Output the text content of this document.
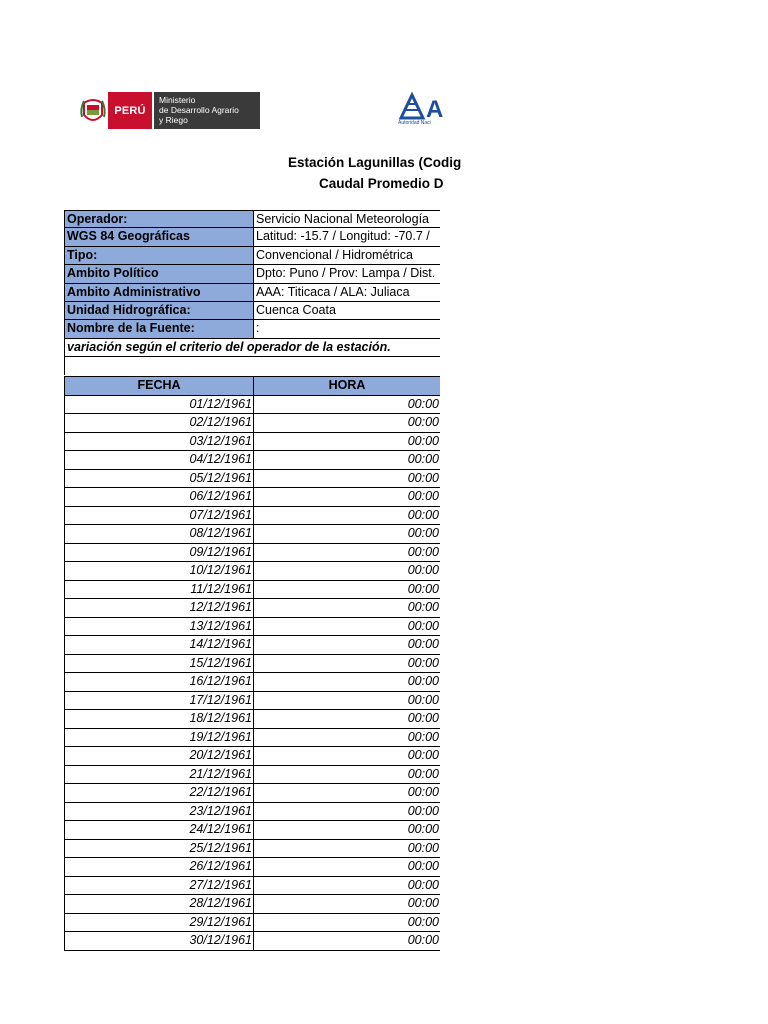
PERÚ
Ministerio
de Desarrollo Agrario
y Riego	A
Autoridad Naci
Estación Lagunillas (Codig
Caudal Promedio D
Operador:	Servicio Nacional Meteorología
WGS 84 Geográficas	Latitud: -15.7 / Longitud: -70.7 /
Tipo:	Convencional / Hidrométrica
Ambito Político	Dpto: Puno / Prov: Lampa / Dist.
Ambito Administrativo	AAA: Titicaca / ALA: Juliaca
Unidad Hidrográfica:	Cuenca Coata
Nombre de la Fuente:	:
variación según el criterio del operador de la estación.
FECHA	HORA
01/12/1961	00:00
02/12/1961	00:00
03/12/1961	00:00
04/12/1961	00:00
05/12/1961	00:00
06/12/1961	00:00
07/12/1961	00:00
08/12/1961	00:00
09/12/1961	00:00
10/12/1961	00:00
11/12/1961	00:00
12/12/1961	00:00
13/12/1961	00:00
14/12/1961	00:00
15/12/1961	00:00
16/12/1961	00:00
17/12/1961	00:00
18/12/1961	00:00
19/12/1961	00:00
20/12/1961	00:00
21/12/1961	00:00
22/12/1961	00:00
23/12/1961	00:00
24/12/1961	00:00
25/12/1961	00:00
26/12/1961	00:00
27/12/1961	00:00
28/12/1961	00:00
29/12/1961	00:00
30/12/1961	00:00
